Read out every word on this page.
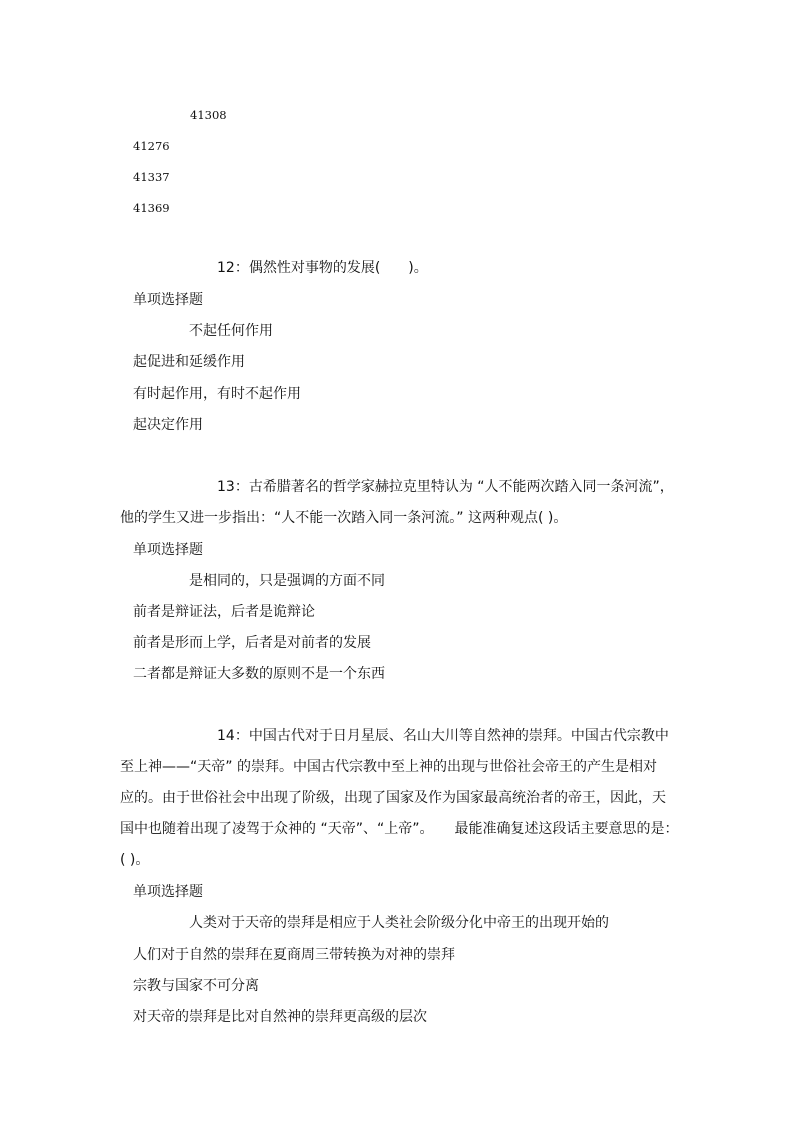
41308
41276
41337
41369
12：偶然性对事物的发展(　　)。
单项选择题
不起任何作用
起促进和延缓作用
有时起作用，有时不起作用
起决定作用
13：古希腊著名的哲学家赫拉克里特认为 “人不能两次踏入同一条河流”，
他的学生又进一步指出：“人不能一次踏入同一条河流。” 这两种观点( )。
单项选择题
是相同的，只是强调的方面不同
前者是辩证法，后者是诡辩论
前者是形而上学，后者是对前者的发展
二者都是辩证大多数的原则不是一个东西
14：中国古代对于日月星辰、名山大川等自然神的崇拜。中国古代宗教中
至上神——“天帝” 的崇拜。中国古代宗教中至上神的出现与世俗社会帝王的产生是相对
应的。由于世俗社会中出现了阶级，出现了国家及作为国家最高统治者的帝王，因此，天
国中也随着出现了凌驾于众神的 “天帝”、“上帝”。　　最能准确复述这段话主要意思的是：
( )。
单项选择题
人类对于天帝的崇拜是相应于人类社会阶级分化中帝王的出现开始的
人们对于自然的崇拜在夏商周三带转换为对神的崇拜
宗教与国家不可分离
对天帝的崇拜是比对自然神的崇拜更高级的层次
